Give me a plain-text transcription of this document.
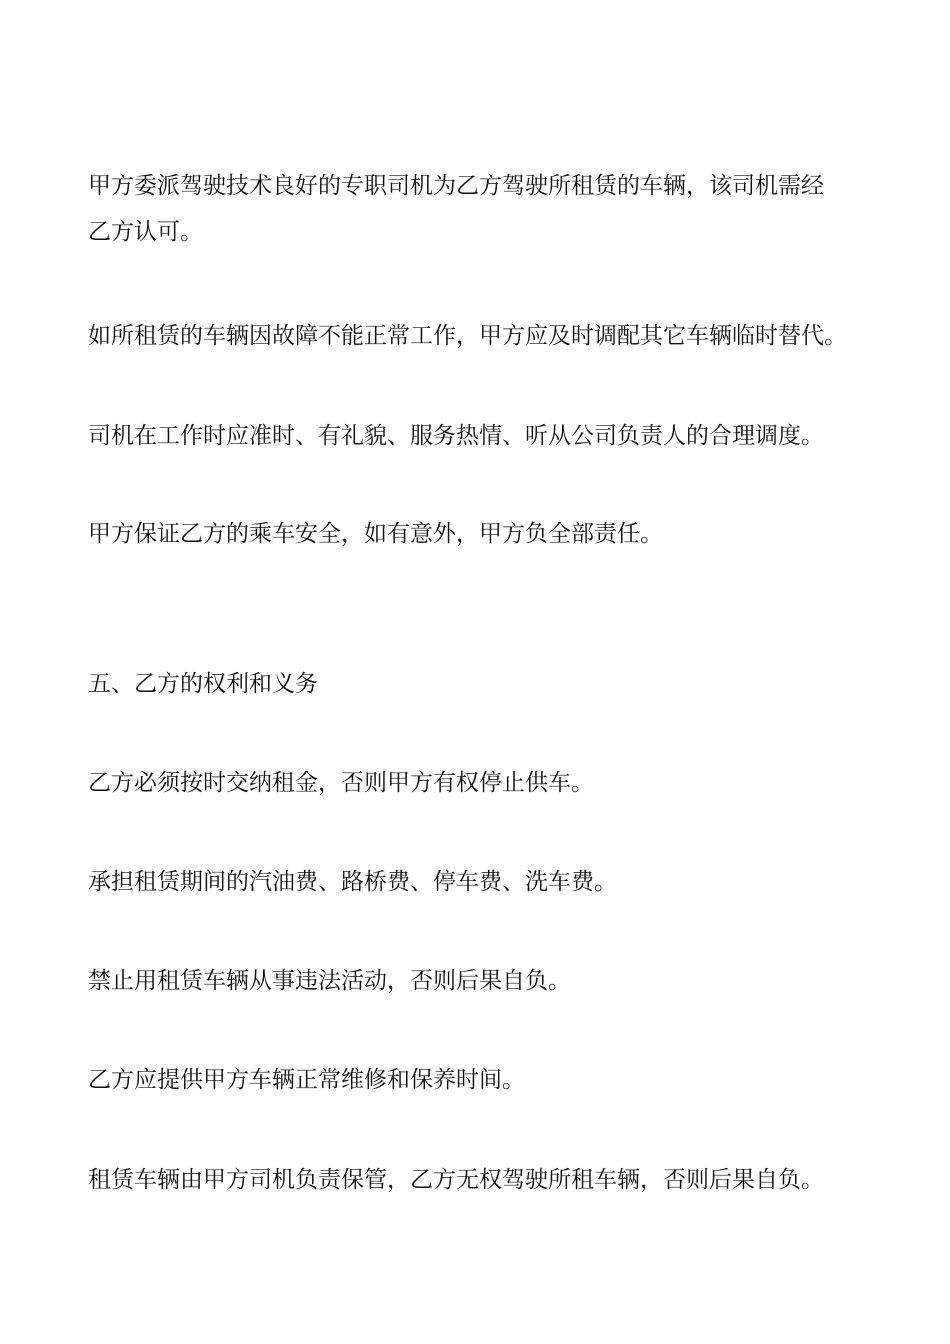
甲方委派驾驶技术良好的专职司机为乙方驾驶所租赁的车辆，该司机需经
乙方认可。

如所租赁的车辆因故障不能正常工作，甲方应及时调配其它车辆临时替代。

司机在工作时应准时、有礼貌、服务热情、听从公司负责人的合理调度。

甲方保证乙方的乘车安全，如有意外，甲方负全部责任。

五、乙方的权利和义务

乙方必须按时交纳租金，否则甲方有权停止供车。

承担租赁期间的汽油费、路桥费、停车费、洗车费。

禁止用租赁车辆从事违法活动，否则后果自负。

乙方应提供甲方车辆正常维修和保养时间。

租赁车辆由甲方司机负责保管，乙方无权驾驶所租车辆，否则后果自负。
